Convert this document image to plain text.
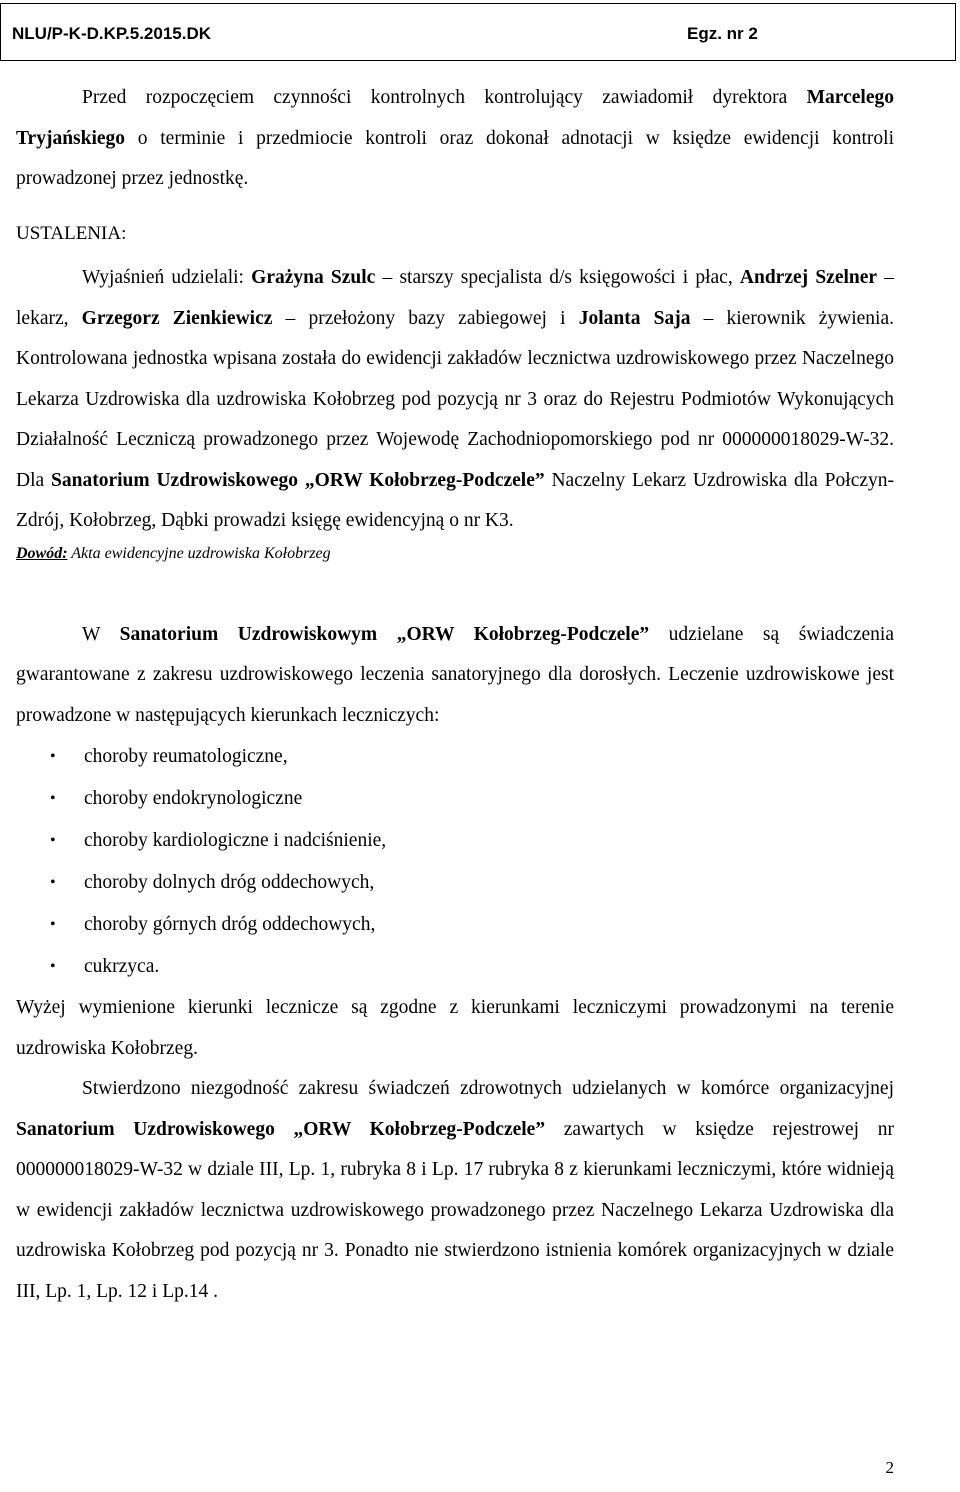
NLU/P-K-D.KP.5.2015.DK	Egz. nr 2

Przed rozpoczęciem czynności kontrolnych kontrolujący zawiadomił dyrektora Marcelego Tryjańskiego o terminie i przedmiocie kontroli oraz dokonał adnotacji w księdze ewidencji kontroli prowadzonej przez jednostkę.

USTALENIA:

Wyjaśnień udzielali: Grażyna Szulc – starszy specjalista d/s księgowości i płac, Andrzej Szelner – lekarz, Grzegorz Zienkiewicz – przełożony bazy zabiegowej i Jolanta Saja – kierownik żywienia. Kontrolowana jednostka wpisana została do ewidencji zakładów lecznictwa uzdrowiskowego przez Naczelnego Lekarza Uzdrowiska dla uzdrowiska Kołobrzeg pod pozycją nr 3 oraz do Rejestru Podmiotów Wykonujących Działalność Leczniczą prowadzonego przez Wojewodę Zachodniopomorskiego pod nr 000000018029-W-32. Dla Sanatorium Uzdrowiskowego „ORW Kołobrzeg-Podczele” Naczelny Lekarz Uzdrowiska dla Połczyn-Zdrój, Kołobrzeg, Dąbki prowadzi księgę ewidencyjną o nr K3.

Dowód: Akta ewidencyjne uzdrowiska Kołobrzeg

W Sanatorium Uzdrowiskowym „ORW Kołobrzeg-Podczele” udzielane są świadczenia gwarantowane z zakresu uzdrowiskowego leczenia sanatoryjnego dla dorosłych. Leczenie uzdrowiskowe jest prowadzone w następujących kierunkach leczniczych:

• choroby reumatologiczne,
• choroby endokrynologiczne
• choroby kardiologiczne i nadciśnienie,
• choroby dolnych dróg oddechowych,
• choroby górnych dróg oddechowych,
• cukrzyca.

Wyżej wymienione kierunki lecznicze są zgodne z kierunkami leczniczymi prowadzonymi na terenie uzdrowiska Kołobrzeg.

Stwierdzono niezgodność zakresu świadczeń zdrowotnych udzielanych w komórce organizacyjnej Sanatorium Uzdrowiskowego „ORW Kołobrzeg-Podczele” zawartych w księdze rejestrowej nr 000000018029-W-32 w dziale III, Lp. 1, rubryka 8 i Lp. 17 rubryka 8 z kierunkami leczniczymi, które widnieją w ewidencji zakładów lecznictwa uzdrowiskowego prowadzonego przez Naczelnego Lekarza Uzdrowiska dla uzdrowiska Kołobrzeg pod pozycją nr 3. Ponadto nie stwierdzono istnienia komórek organizacyjnych w dziale III, Lp. 1, Lp. 12 i Lp.14 .

2
